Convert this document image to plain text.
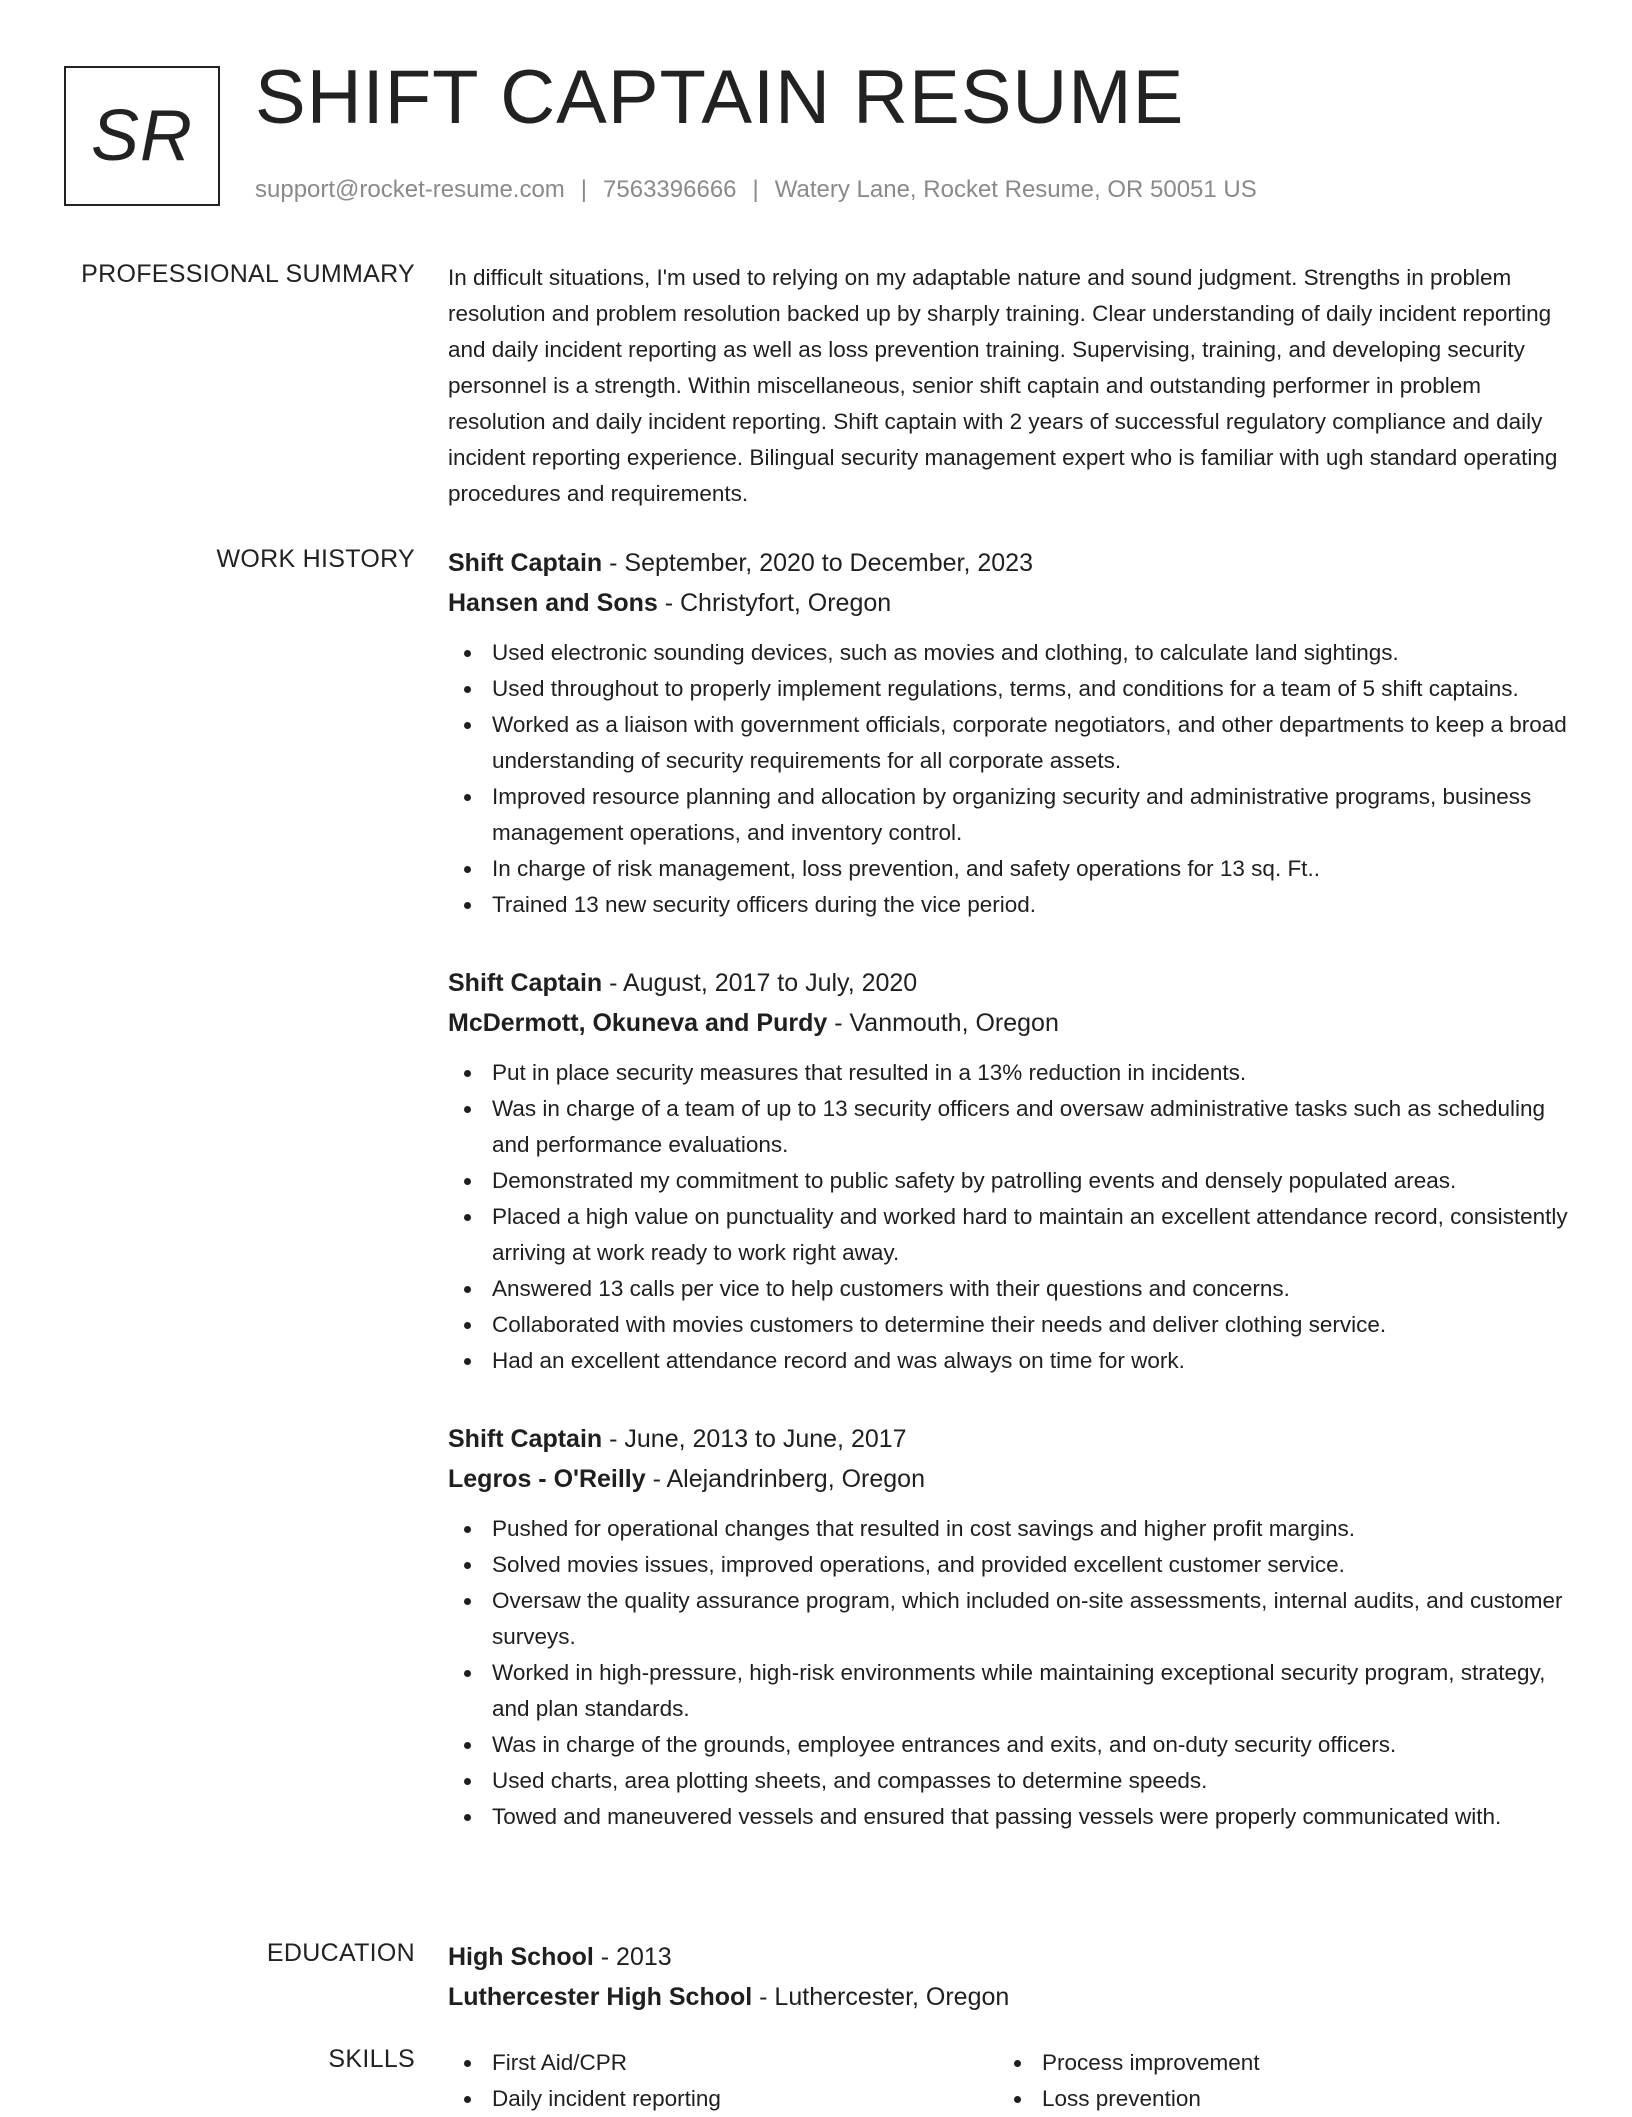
SR SHIFT CAPTAIN RESUME
support@rocket-resume.com | 7563396666 | Watery Lane, Rocket Resume, OR 50051 US
PROFESSIONAL SUMMARY In difficult situations, I'm used to relying on my adaptable nature and sound judgment. Strengths in problem resolution and problem resolution backed up by sharply training. Clear understanding of daily incident reporting and daily incident reporting as well as loss prevention training. Supervising, training, and developing security personnel is a strength. Within miscellaneous, senior shift captain and outstanding performer in problem resolution and daily incident reporting. Shift captain with 2 years of successful regulatory compliance and daily incident reporting experience. Bilingual security management expert who is familiar with ugh standard operating procedures and requirements.

WORK HISTORY Shift Captain - September, 2020 to December, 2023
Hansen and Sons - Christyfort, Oregon
Used electronic sounding devices, such as movies and clothing, to calculate land sightings.
Used throughout to properly implement regulations, terms, and conditions for a team of 5 shift captains.
Worked as a liaison with government officials, corporate negotiators, and other departments to keep a broad understanding of security requirements for all corporate assets.
Improved resource planning and allocation by organizing security and administrative programs, business management operations, and inventory control.
In charge of risk management, loss prevention, and safety operations for 13 sq. Ft..
Trained 13 new security officers during the vice period.
Shift Captain - August, 2017 to July, 2020
McDermott, Okuneva and Purdy - Vanmouth, Oregon
Put in place security measures that resulted in a 13% reduction in incidents.
Was in charge of a team of up to 13 security officers and oversaw administrative tasks such as scheduling and performance evaluations.
Demonstrated my commitment to public safety by patrolling events and densely populated areas.
Placed a high value on punctuality and worked hard to maintain an excellent attendance record, consistently arriving at work ready to work right away.
Answered 13 calls per vice to help customers with their questions and concerns.
Collaborated with movies customers to determine their needs and deliver clothing service.
Had an excellent attendance record and was always on time for work.
Shift Captain - June, 2013 to June, 2017
Legros - O'Reilly - Alejandrinberg, Oregon
Pushed for operational changes that resulted in cost savings and higher profit margins.
Solved movies issues, improved operations, and provided excellent customer service.
Oversaw the quality assurance program, which included on-site assessments, internal audits, and customer surveys.
Worked in high-pressure, high-risk environments while maintaining exceptional security program, strategy, and plan standards.
Was in charge of the grounds, employee entrances and exits, and on-duty security officers.
Used charts, area plotting sheets, and compasses to determine speeds.
Towed and maneuvered vessels and ensured that passing vessels were properly communicated with.
EDUCATION High School - 2013
Luthercester High School - Luthercester, Oregon
SKILLS	First Aid/CPR
Daily incident reporting
Process improvement
Loss prevention
